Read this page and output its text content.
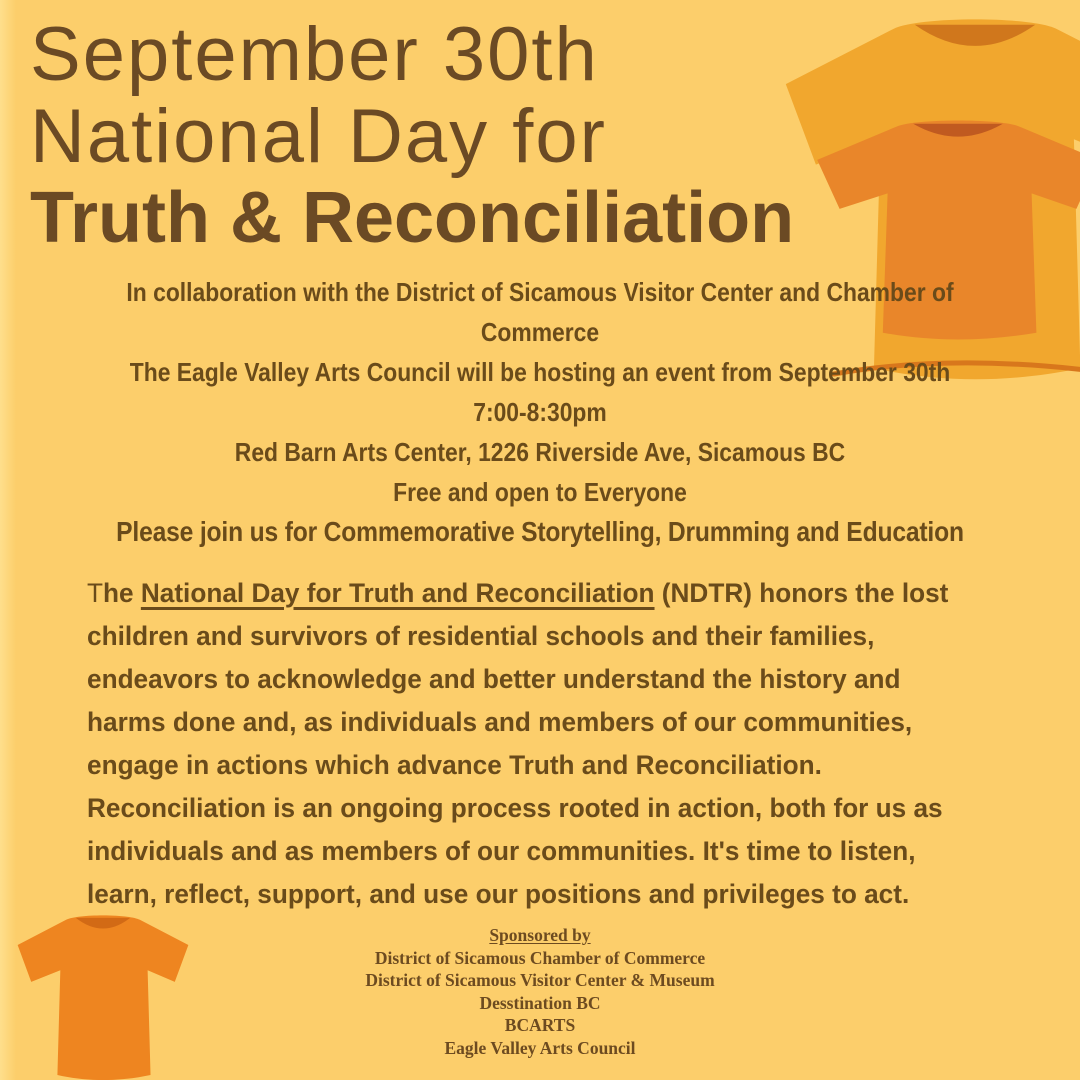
September 30th
National Day for
Truth & Reconciliation
In collaboration with the District of Sicamous Visitor Center and Chamber of
Commerce
The Eagle Valley Arts Council will be hosting an event from September 30th
7:00-8:30pm
Red Barn Arts Center, 1226 Riverside Ave, Sicamous BC
Free and open to Everyone
Please join us for Commemorative Storytelling, Drumming and Education
The National Day for Truth and Reconciliation (NDTR) honors the lost
children and survivors of residential schools and their families,
endeavors to acknowledge and better understand the history and
harms done and, as individuals and members of our communities,
engage in actions which advance Truth and Reconciliation.
Reconciliation is an ongoing process rooted in action, both for us as
individuals and as members of our communities. It's time to listen,
learn, reflect, support, and use our positions and privileges to act.
Sponsored by
District of Sicamous Chamber of Commerce
District of Sicamous Visitor Center & Museum
Desstination BC
BCARTS
Eagle Valley Arts Council
